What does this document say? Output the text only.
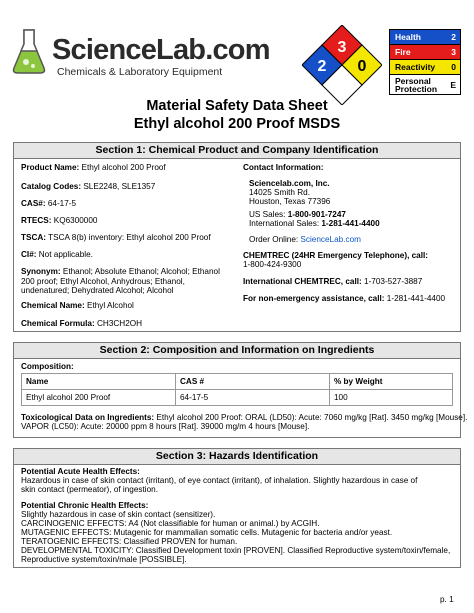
ScienceLab.com
Chemicals & Laboratory Equipment
3
2 0
Health	2
Fire	3
Reactivity 0
Personal Protection E
Material Safety Data Sheet
Ethyl alcohol 200 Proof MSDS
Section 1: Chemical Product and Company Identification
Product Name: Ethyl alcohol 200 Proof
Catalog Codes: SLE2248, SLE1357
CAS#: 64-17-5
RTECS: KQ6300000
TSCA: TSCA 8(b) inventory: Ethyl alcohol 200 Proof
CI#: Not applicable.
Synonym: Ethanol; Absolute Ethanol; Alcohol; Ethanol 200 proof; Ethyl Alcohol, Anhydrous; Ethanol, undenatured; Dehydrated Alcohol; Alcohol
Chemical Name: Ethyl Alcohol
Chemical Formula: CH3CH2OH
Contact Information:
Sciencelab.com, Inc.
14025 Smith Rd.
Houston, Texas 77396
US Sales: 1-800-901-7247
International Sales: 1-281-441-4400
Order Online: ScienceLab.com
CHEMTREC (24HR Emergency Telephone), call:
1-800-424-9300
International CHEMTREC, call: 1-703-527-3887
For non-emergency assistance, call: 1-281-441-4400
Section 2: Composition and Information on Ingredients
Composition:
Name	CAS #	% by Weight
Ethyl alcohol 200 Proof	64-17-5	100
Toxicological Data on Ingredients: Ethyl alcohol 200 Proof: ORAL (LD50): Acute: 7060 mg/kg [Rat]. 3450 mg/kg [Mouse].
VAPOR (LC50): Acute: 20000 ppm 8 hours [Rat]. 39000 mg/m 4 hours [Mouse].
Section 3: Hazards Identification
Potential Acute Health Effects:
Hazardous in case of skin contact (irritant), of eye contact (irritant), of inhalation. Slightly hazardous in case of
skin contact (permeator), of ingestion.
Potential Chronic Health Effects:
Slightly hazardous in case of skin contact (sensitizer).
CARCINOGENIC EFFECTS: A4 (Not classifiable for human or animal.) by ACGIH.
MUTAGENIC EFFECTS: Mutagenic for mammalian somatic cells. Mutagenic for bacteria and/or yeast.
TERATOGENIC EFFECTS: Classified PROVEN for human.
DEVELOPMENTAL TOXICITY: Classified Development toxin [PROVEN]. Classified Reproductive system/toxin/female,
Reproductive system/toxin/male [POSSIBLE].
p. 1
